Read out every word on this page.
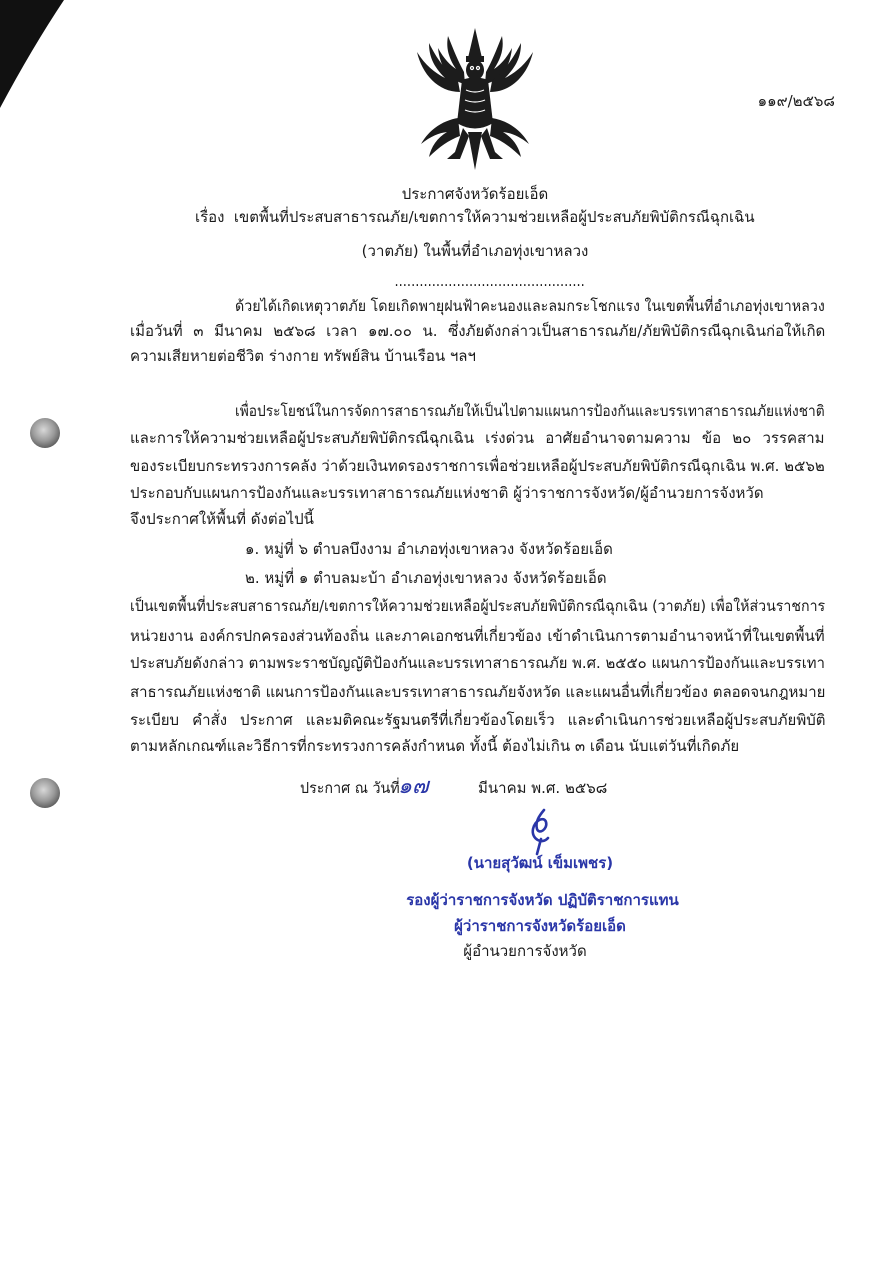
๑๑๙/๒๕๖๘
ประกาศจังหวัดร้อยเอ็ด
เรื่อง เขตพื้นที่ประสบสาธารณภัย/เขตการให้ความช่วยเหลือผู้ประสบภัยพิบัติกรณีฉุกเฉิน
(วาตภัย) ในพื้นที่อำเภอทุ่งเขาหลวง
..............................................
ด้วยได้เกิดเหตุวาตภัย โดยเกิดพายุฝนฟ้าคะนองและลมกระโชกแรง ในเขตพื้นที่อำเภอทุ่งเขาหลวง
เมื่อวันที่ ๓ มีนาคม ๒๕๖๘ เวลา ๑๗.๐๐ น. ซึ่งภัยดังกล่าวเป็นสาธารณภัย/ภัยพิบัติกรณีฉุกเฉินก่อให้เกิด
ความเสียหายต่อชีวิต ร่างกาย ทรัพย์สิน บ้านเรือน ฯลฯ
เพื่อประโยชน์ในการจัดการสาธารณภัยให้เป็นไปตามแผนการป้องกันและบรรเทาสาธารณภัยแห่งชาติ
และการให้ความช่วยเหลือผู้ประสบภัยพิบัติกรณีฉุกเฉิน เร่งด่วน อาศัยอำนาจตามความ ข้อ ๒๐ วรรคสาม
ของระเบียบกระทรวงการคลัง ว่าด้วยเงินทดรองราชการเพื่อช่วยเหลือผู้ประสบภัยพิบัติกรณีฉุกเฉิน พ.ศ. ๒๕๖๒
ประกอบกับแผนการป้องกันและบรรเทาสาธารณภัยแห่งชาติ ผู้ว่าราชการจังหวัด/ผู้อำนวยการจังหวัด
จึงประกาศให้พื้นที่ ดังต่อไปนี้
๑. หมู่ที่ ๖ ตำบลบึงงาม อำเภอทุ่งเขาหลวง จังหวัดร้อยเอ็ด
๒. หมู่ที่ ๑ ตำบลมะบ้า อำเภอทุ่งเขาหลวง จังหวัดร้อยเอ็ด
เป็นเขตพื้นที่ประสบสาธารณภัย/เขตการให้ความช่วยเหลือผู้ประสบภัยพิบัติกรณีฉุกเฉิน (วาตภัย) เพื่อให้ส่วนราชการ
หน่วยงาน องค์กรปกครองส่วนท้องถิ่น และภาคเอกชนที่เกี่ยวข้อง เข้าดำเนินการตามอำนาจหน้าที่ในเขตพื้นที่
ประสบภัยดังกล่าว ตามพระราชบัญญัติป้องกันและบรรเทาสาธารณภัย พ.ศ. ๒๕๕๐ แผนการป้องกันและบรรเทา
สาธารณภัยแห่งชาติ แผนการป้องกันและบรรเทาสาธารณภัยจังหวัด และแผนอื่นที่เกี่ยวข้อง ตลอดจนกฎหมาย
ระเบียบ คำสั่ง ประกาศ และมติคณะรัฐมนตรีที่เกี่ยวข้องโดยเร็ว และดำเนินการช่วยเหลือผู้ประสบภัยพิบัติ
ตามหลักเกณฑ์และวิธีการที่กระทรวงการคลังกำหนด ทั้งนี้ ต้องไม่เกิน ๓ เดือน นับแต่วันที่เกิดภัย
ประกาศ ณ วันที่
๑๗	มีนาคม พ.ศ. ๒๕๖๘
(นายสุวัฒน์ เข็มเพชร)
รองผู้ว่าราชการจังหวัด ปฏิบัติราชการแทน
ผู้ว่าราชการจังหวัดร้อยเอ็ด
ผู้อำนวยการจังหวัด
